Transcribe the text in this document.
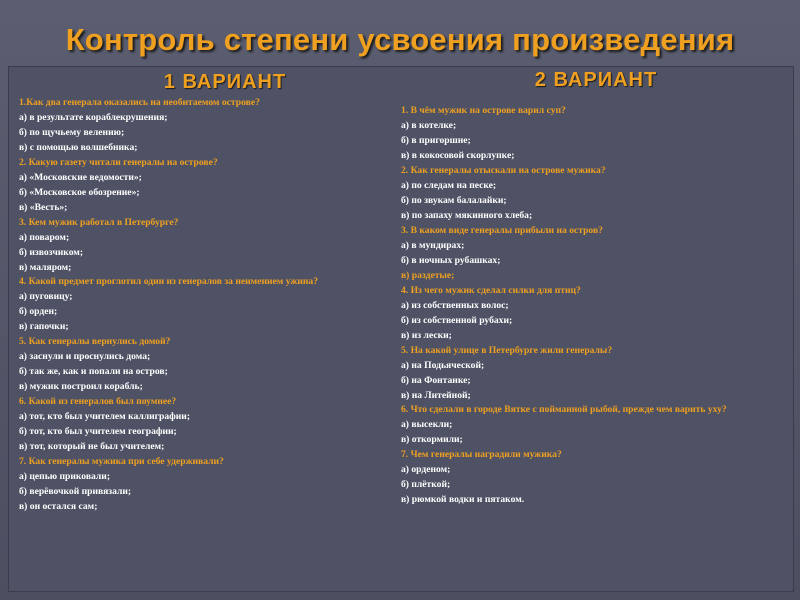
Контроль степени усвоения произведения
1 ВАРИАНТ
1.Как два генерала оказались на необитаемом острове?
а) в результате кораблекрушения;
б) по щучьему велению;
в) с помощью волшебника;
2. Какую газету читали генералы на острове?
а) «Московские ведомости»;
б) «Московское обозрение»;
в) «Весть»;
3. Кем мужик работал в Петербурге?
а) поваром;
б) извозчиком;
в) маляром;
4. Какой предмет проглотил один из генералов за неимением ужина?
а) пуговицу;
б) орден;
в) гапочки;
5. Как генералы вернулись домой?
а) заснули и проснулись дома;
б) так же, как и попали на остров;
в) мужик построил корабль;
6. Какой из генералов был поумнее?
а) тот, кто был учителем каллиграфии;
б) тот, кто был учителем географии;
в) тот, который не был учителем;
7. Как генералы мужика при себе удерживали?
а) цепью приковали;
б) верёвочкой привязали;
в) он остался сам;
2 ВАРИАНТ
1. В чём мужик на острове варил суп?
а) в котелке;
б) в пригоршне;
в) в кокосовой скорлупке;
2. Как генералы отыскали на острове мужика?
а) по следам на песке;
б) по звукам балалайки;
в) по запаху мякинного хлеба;
3. В каком виде генералы прибыли на остров?
а) в мундирах;
б) в ночных рубашках;
в) раздетые;
4. Из чего мужик сделал силки для птиц?
а) из собственных волос;
б) из собственной рубахи;
в) из лески;
5. На какой улице в Петербурге жили генералы?
а) на Подьяческой;
б) на Фонтанке;
в) на Литейной;
6. Что сделали в городе Вятке с пойманной рыбой, прежде чем варить уху?
а) высекли;
в) откормили;
7. Чем генералы наградили мужика?
а) орденом;
б) плёткой;
в) рюмкой водки и пятаком.
